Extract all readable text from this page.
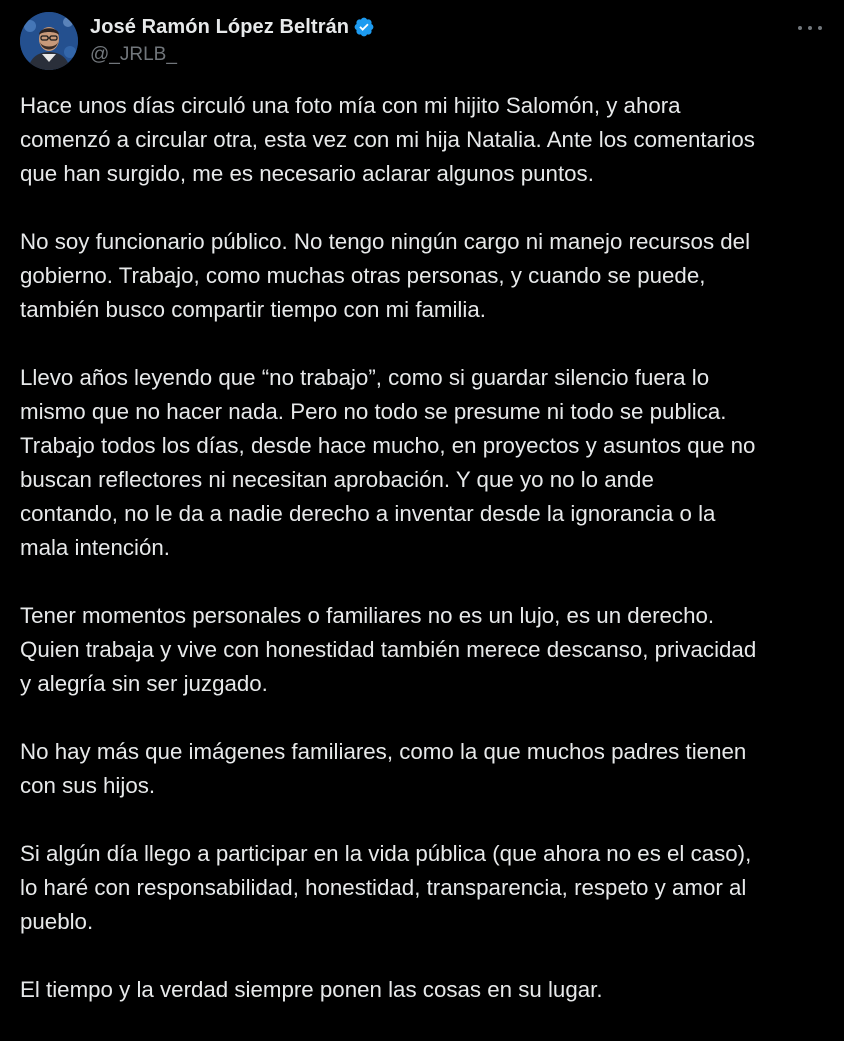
José Ramón López Beltrán
@_JRLB_
Hace unos días circuló una foto mía con mi hijito Salomón, y ahora
comenzó a circular otra, esta vez con mi hija Natalia. Ante los comentarios
que han surgido, me es necesario aclarar algunos puntos.
No soy funcionario público. No tengo ningún cargo ni manejo recursos del
gobierno. Trabajo, como muchas otras personas, y cuando se puede,
también busco compartir tiempo con mi familia.
Llevo años leyendo que “no trabajo”, como si guardar silencio fuera lo
mismo que no hacer nada. Pero no todo se presume ni todo se publica.
Trabajo todos los días, desde hace mucho, en proyectos y asuntos que no
buscan reflectores ni necesitan aprobación. Y que yo no lo ande
contando, no le da a nadie derecho a inventar desde la ignorancia o la
mala intención.
Tener momentos personales o familiares no es un lujo, es un derecho.
Quien trabaja y vive con honestidad también merece descanso, privacidad
y alegría sin ser juzgado.
No hay más que imágenes familiares, como la que muchos padres tienen
con sus hijos.
Si algún día llego a participar en la vida pública (que ahora no es el caso),
lo haré con responsabilidad, honestidad, transparencia, respeto y amor al
pueblo.
El tiempo y la verdad siempre ponen las cosas en su lugar.
